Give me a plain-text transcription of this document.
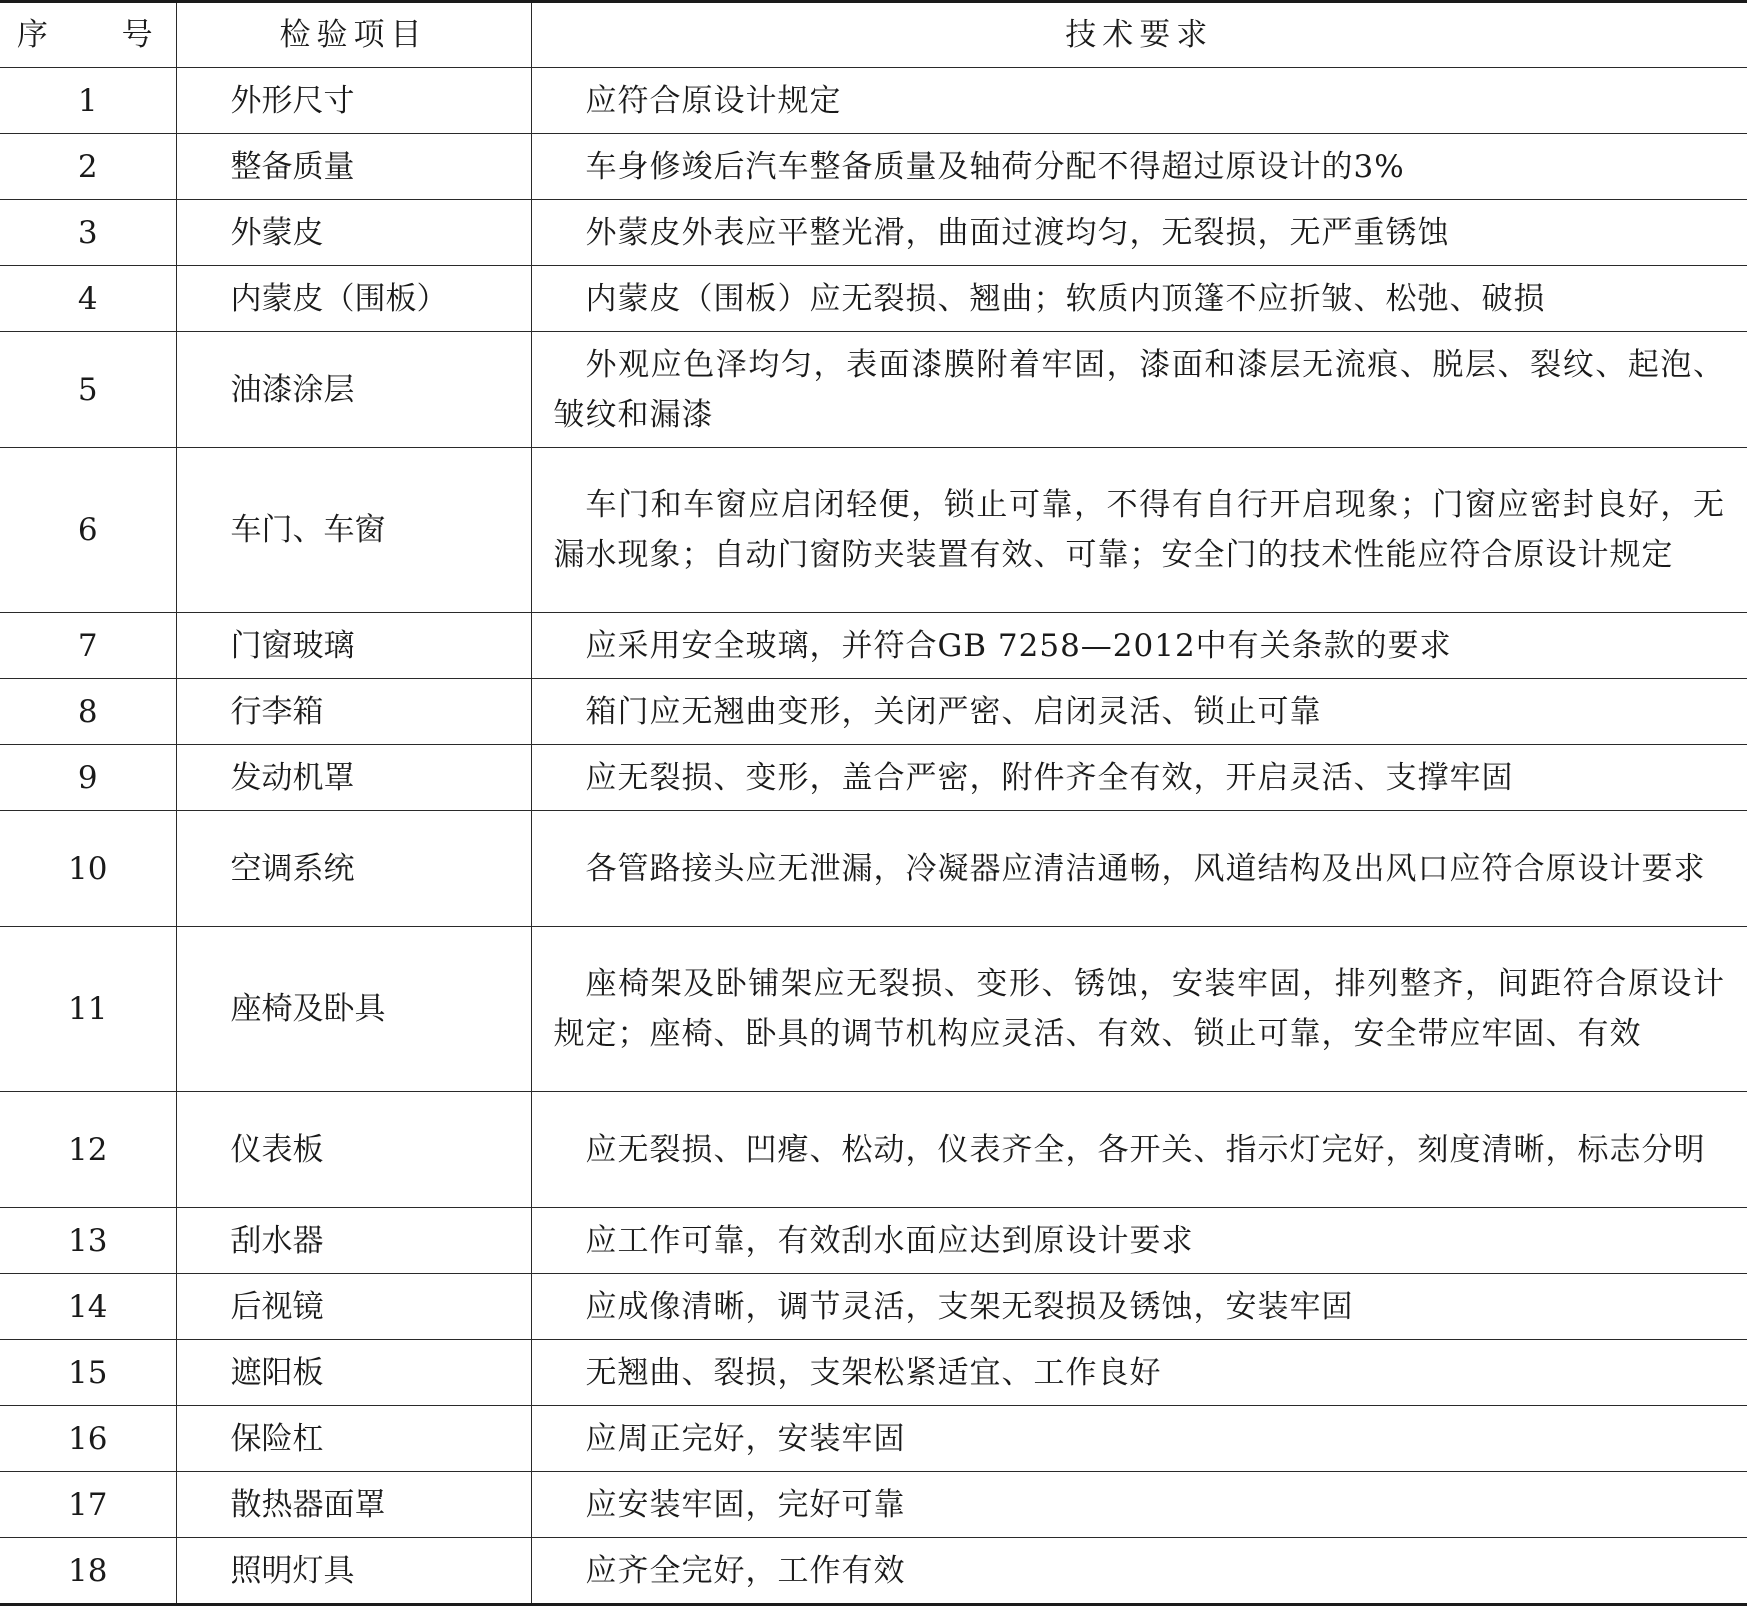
序 号	检验项目	技术要求
1	外形尺寸	应符合原设计规定
2	整备质量	车身修竣后汽车整备质量及轴荷分配不得超过原设计的3%
3	外蒙皮	外蒙皮外表应平整光滑，曲面过渡均匀，无裂损，无严重锈蚀
4	内蒙皮（围板）	内蒙皮（围板）应无裂损、翘曲；软质内顶篷不应折皱、松弛、破损
5	油漆涂层	外观应色泽均匀，表面漆膜附着牢固，漆面和漆层无流痕、脱层、裂纹、起泡、皱纹和漏漆
6	车门、车窗	车门和车窗应启闭轻便，锁止可靠，不得有自行开启现象；门窗应密封良好，无漏水现象；自动门窗防夹装置有效、可靠；安全门的技术性能应符合原设计规定
7	门窗玻璃	应采用安全玻璃，并符合GB 7258—2012中有关条款的要求
8	行李箱	箱门应无翘曲变形，关闭严密、启闭灵活、锁止可靠
9	发动机罩	应无裂损、变形，盖合严密，附件齐全有效，开启灵活、支撑牢固
10	空调系统	各管路接头应无泄漏，冷凝器应清洁通畅，风道结构及出风口应符合原设计要求
11	座椅及卧具	座椅架及卧铺架应无裂损、变形、锈蚀，安装牢固，排列整齐，间距符合原设计规定；座椅、卧具的调节机构应灵活、有效、锁止可靠，安全带应牢固、有效
12	仪表板	应无裂损、凹瘪、松动，仪表齐全，各开关、指示灯完好，刻度清晰，标志分明
13	刮水器	应工作可靠，有效刮水面应达到原设计要求
14	后视镜	应成像清晰，调节灵活，支架无裂损及锈蚀，安装牢固
15	遮阳板	无翘曲、裂损，支架松紧适宜、工作良好
16	保险杠	应周正完好，安装牢固
17	散热器面罩	应安装牢固，完好可靠
18	照明灯具	应齐全完好，工作有效
